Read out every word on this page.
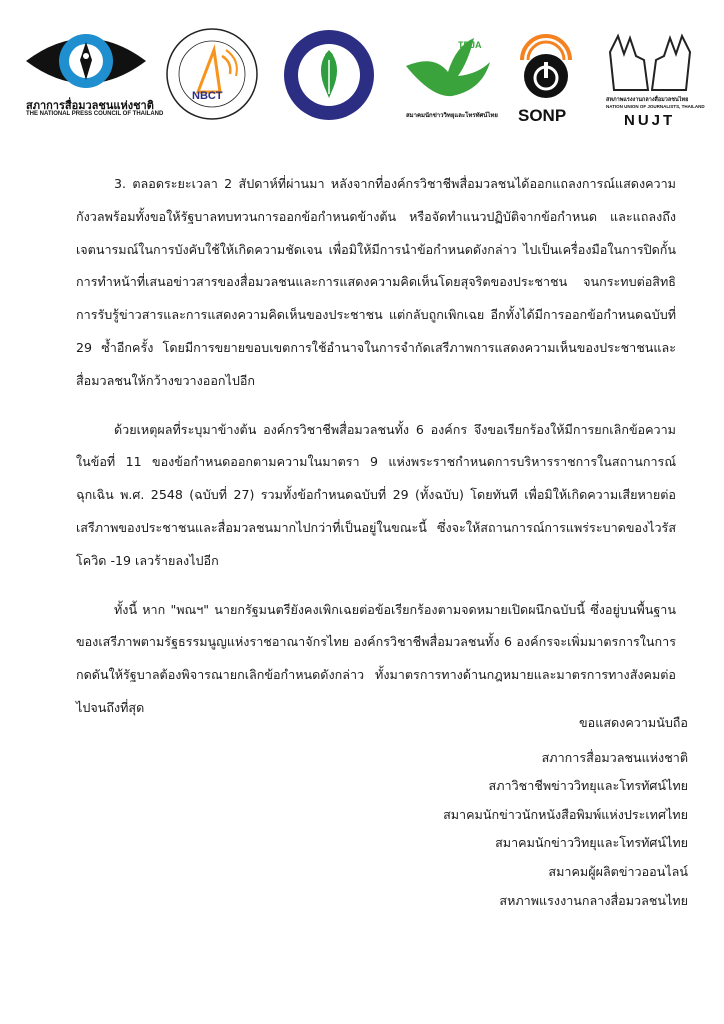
สภาการสื่อมวลชนแห่งชาติ
THE NATIONAL PRESS COUNCIL OF THAILAND
NBCT
TBJA
สมาคมนักข่าววิทยุและโทรทัศน์ไทย SONP
สหภาพแรงงานกลางสื่อมวลชนไทย
NATION UNION OF JOURNALISTS, THAILAND
NUJT

3. ตลอดระยะเวลา 2 สัปดาห์ที่ผ่านมา หลังจากที่องค์กรวิชาชีพสื่อมวลชนได้ออกแถลงการณ์แสดงความกังวลพร้อมทั้งขอให้รัฐบาลทบทวนการออกข้อกำหนดข้างต้น หรือจัดทำแนวปฏิบัติจากข้อกำหนด และแถลงถึงเจตนารมณ์ในการบังคับใช้ให้เกิดความชัดเจน เพื่อมิให้มีการนำข้อกำหนดดังกล่าว ไปเป็นเครื่องมือในการปิดกั้นการทำหน้าที่เสนอข่าวสารของสื่อมวลชนและการแสดงความคิดเห็นโดยสุจริตของประชาชน จนกระทบต่อสิทธิการรับรู้ข่าวสารและการแสดงความคิดเห็นของประชาชน แต่กลับถูกเพิกเฉย อีกทั้งได้มีการออกข้อกำหนดฉบับที่ 29 ซ้ำอีกครั้ง โดยมีการขยายขอบเขตการใช้อำนาจในการจำกัดเสรีภาพการแสดงความเห็นของประชาชนและสื่อมวลชนให้กว้างขวางออกไปอีก

ด้วยเหตุผลที่ระบุมาข้างต้น องค์กรวิชาชีพสื่อมวลชนทั้ง 6 องค์กร จึงขอเรียกร้องให้มีการยกเลิกข้อความในข้อที่ 11 ของข้อกำหนดออกตามความในมาตรา 9 แห่งพระราชกำหนดการบริหารราชการในสถานการณ์ฉุกเฉิน พ.ศ. 2548 (ฉบับที่ 27) รวมทั้งข้อกำหนดฉบับที่ 29 (ทั้งฉบับ) โดยทันที เพื่อมิให้เกิดความเสียหายต่อเสรีภาพของประชาชนและสื่อมวลชนมากไปกว่าที่เป็นอยู่ในขณะนี้ ซึ่งจะให้สถานการณ์การแพร่ระบาดของไวรัสโควิด -19 เลวร้ายลงไปอีก

ทั้งนี้ หาก "พณฯ" นายกรัฐมนตรียังคงเพิกเฉยต่อข้อเรียกร้องตามจดหมายเปิดผนึกฉบับนี้ ซึ่งอยู่บนพื้นฐานของเสรีภาพตามรัฐธรรมนูญแห่งราชอาณาจักรไทย องค์กรวิชาชีพสื่อมวลชนทั้ง 6 องค์กรจะเพิ่มมาตรการในการกดดันให้รัฐบาลต้องพิจารณายกเลิกข้อกำหนดดังกล่าว ทั้งมาตรการทางด้านกฎหมายและมาตรการทางสังคมต่อไปจนถึงที่สุด

ขอแสดงความนับถือ
สภาการสื่อมวลชนแห่งชาติ
สภาวิชาชีพข่าววิทยุและโทรทัศน์ไทย
สมาคมนักข่าวนักหนังสือพิมพ์แห่งประเทศไทย
สมาคมนักข่าววิทยุและโทรทัศน์ไทย
สมาคมผู้ผลิตข่าวออนไลน์
สหภาพแรงงานกลางสื่อมวลชนไทย
